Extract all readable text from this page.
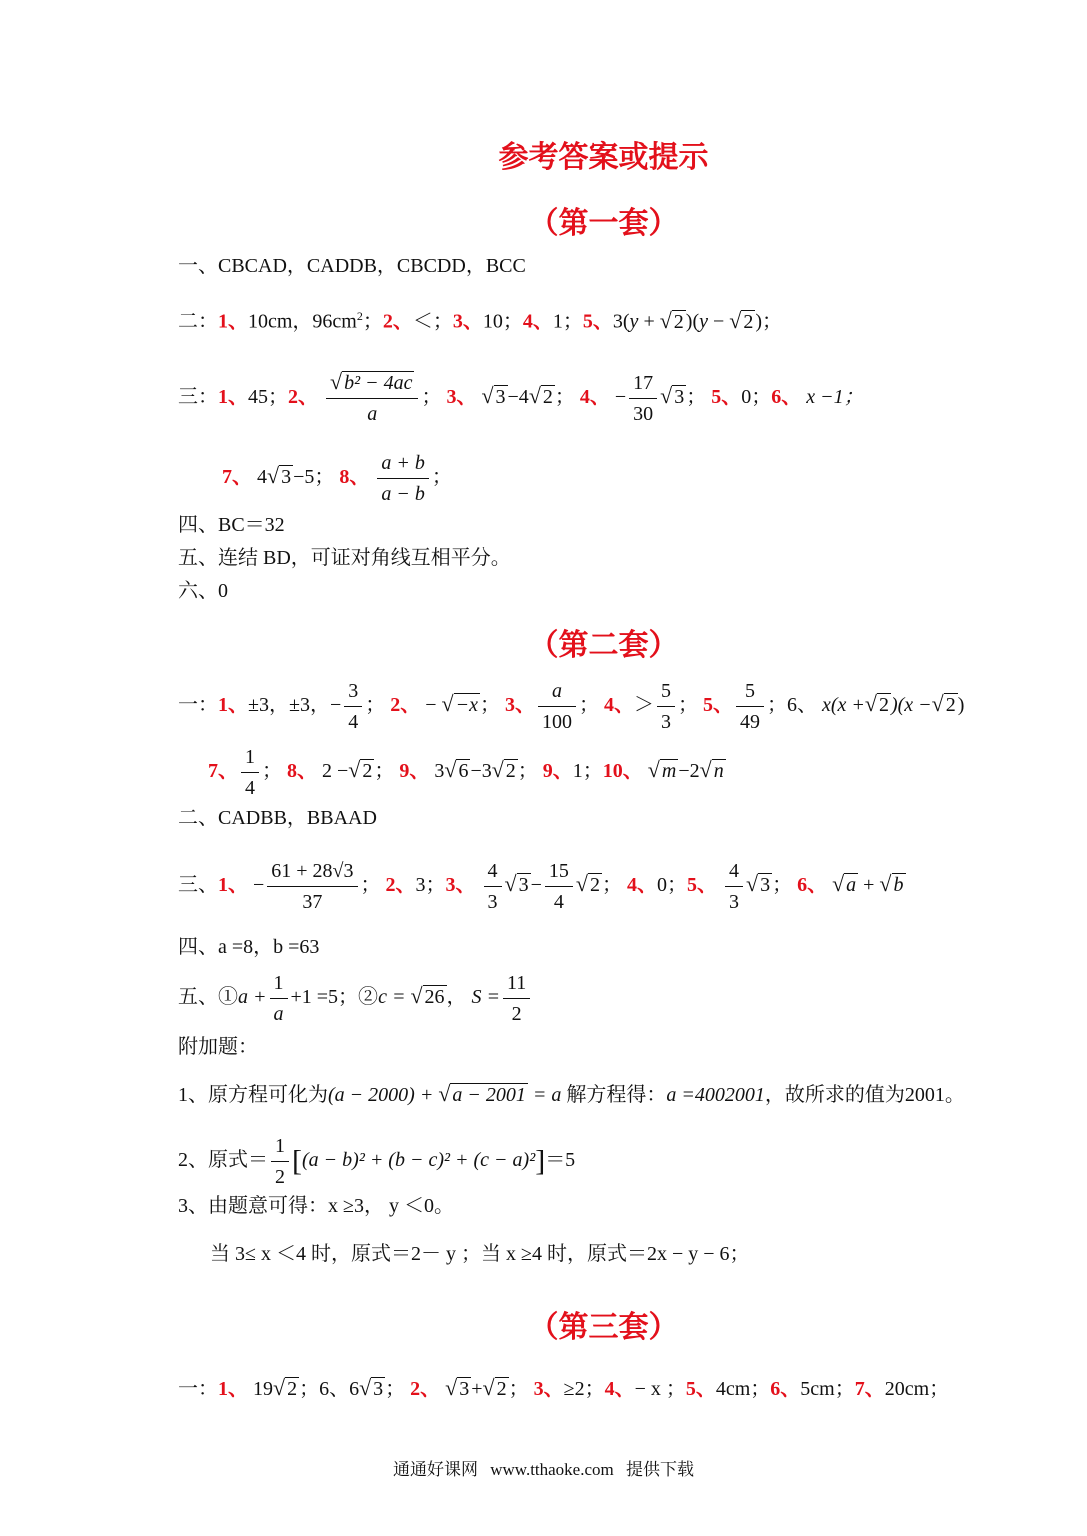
参考答案或提示
（第一套）
一、CBCAD，CADDB，CBCDD，BCC
二：1、10cm，$96cm^2$；2、＜；3、10；4、1；5、3(y + √ 2 )(y − √ 2 )；
三：1、45；2、 $\frac{\text{√ b² − 4ac}}{a}$ ； 3、 √ 3 −4√ 2 ； 4、 − $\frac{17}{30}$ √ 3 ； 5、0；6、 x −1；
7、 4√ 3 −5； 8、 $\frac{a + b}{a - b}$ ；
四、BC＝32
五、连结 BD，可证对角线互相平分。
六、0
（第二套）
一：1、±3，±3，− $\frac{3}{4}$ ； 2、 − √ −x ； 3、 $\frac{a}{100}$ ； 4、＞ $\frac{5}{3}$ ； 5、 $\frac{5}{49}$ ；6、 x(x +√ 2 )(x −√ 2 )
7、 $\frac{1}{4}$ ； 8、 2 −√ 2 ； 9、 3√ 6 −3√ 2 ； 9、1；10、 √ m −2√ n
二、CADBB，BBAAD
三、1、 − $\frac{61 + 28√3}{37}$ ； 2、3；3、 $\frac{4}{3}$ √ $3 - \frac{15}{4}$ √ 2 ； 4、0；5、 $\frac{4}{3}$ √ 3 ； 6、 √ a + √ b
四、a =8，b =63
五、①a + $\frac{1}{a} +1 =5$；②c = √ 26 ， $S = \frac{11}{2}$
附加题：
1、原方程可化为(a − 2000) + √ a − 2001 = a 解方程得：a =4002001，故所求的值为2001。
2、原式＝ $\frac{1}{2} [(a - b)^2 + (b - c)^2 + (c - a)^2]=5$
3、由题意可得：x ≥3， y ＜0。
当 3≤ x ＜4 时，原式＝2－ y ；当 x ≥4 时，原式＝2x − y − 6；
（第三套）
一：1、 19√ 2 ；6、6√ 3 ； 2、 √ 3 +√ 2 ； 3、≥2；4、− x ；5、4cm；6、5cm；7、20cm；
通通好课网 www.tthaoke.com 提供下载
